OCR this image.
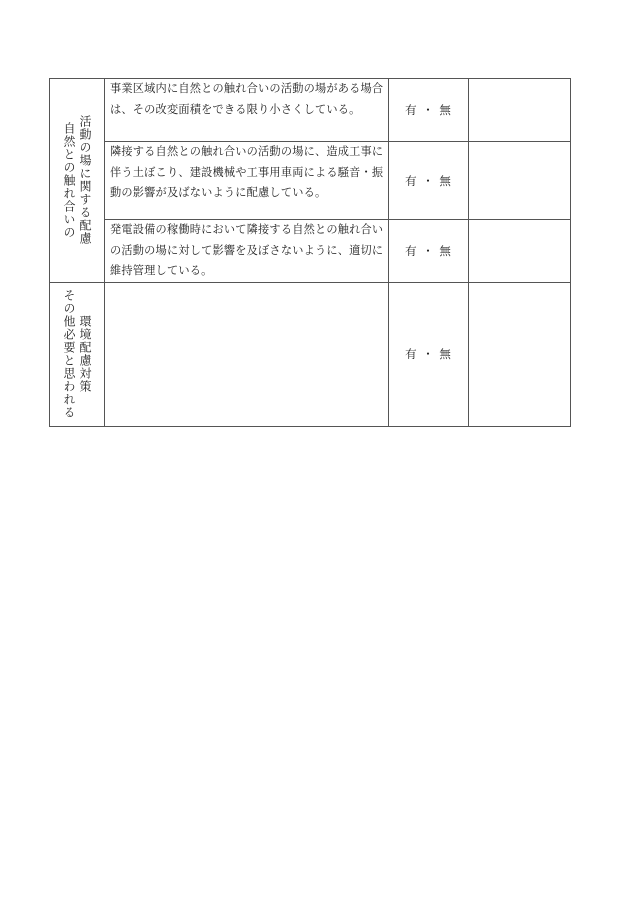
自然との触れ合いの 活動の場に関する配慮	事業区域内に自然との触れ合いの活動の場がある場合は、その改変面積をできる限り小さくしている。	有 ・ 無	
	隣接する自然との触れ合いの活動の場に、造成工事に伴う土ぼこり、建設機械や工事用車両による騒音・振動の影響が及ばないように配慮している。	有 ・ 無	
	発電設備の稼働時において隣接する自然との触れ合いの活動の場に対して影響を及ぼさないように、適切に維持管理している。	有 ・ 無	

その他必要と思われる 環境配慮対策		有 ・ 無	
